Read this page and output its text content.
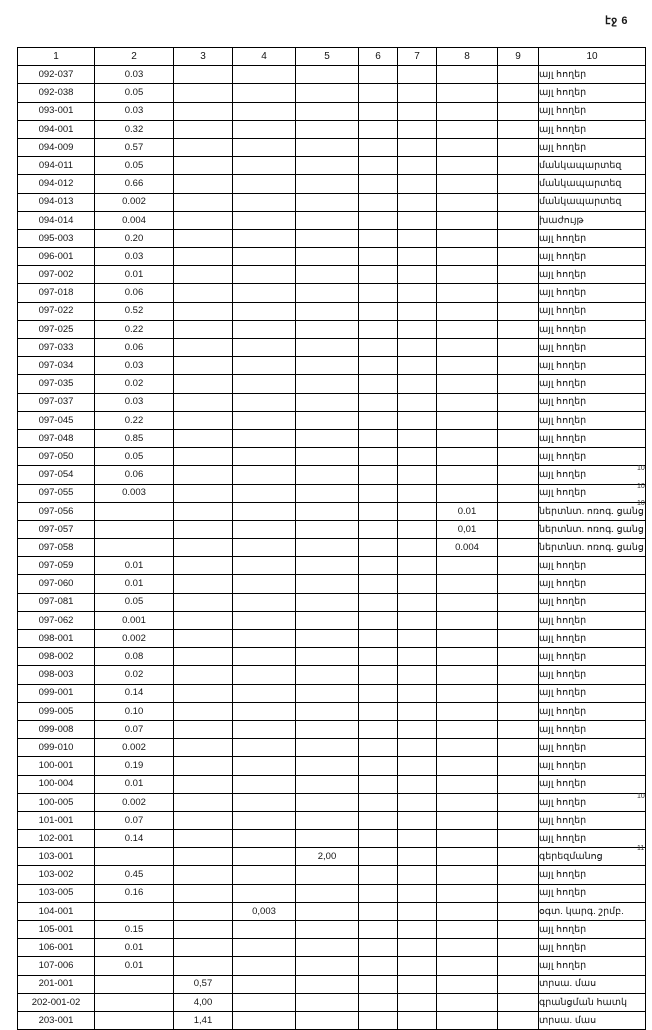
էջ 6
1	2	3	4	5	6	7	8	9	10
092-037	0.03								այլ հողեր
092-038	0.05								այլ հողեր
093-001	0.03								այլ հողեր
094-001	0.32								այլ հողեր
094-009	0.57								այլ հողեր
094-011	0.05								մանկապարտեզ
094-012	0.66								մանկապարտեզ
094-013	0.002								մանկապարտեզ
094-014	0.004								խաժույթ
095-003	0.20								այլ հողեր
096-001	0.03								այլ հողեր
097-002	0.01								այլ հողեր
097-018	0.06								այլ հողեր
097-022	0.52								այլ հողեր
097-025	0.22								այլ հողեր
097-033	0.06								այլ հողեր
097-034	0.03								այլ հողեր
097-035	0.02								այլ հողեր
097-037	0.03								այլ հողեր
097-045	0.22								այլ հողեր
097-048	0.85								այլ հողեր
097-050	0.05								այլ հողեր
097-054	0.06								այլ հողեր
097-055	0.003								այլ հողեր
097-056							0.01		ներտնտ. ոռոգ. ցանց
097-057							0,01		ներտնտ. ոռոգ. ցանց
097-058							0.004		ներտնտ. ոռոգ. ցանց
097-059	0.01								այլ հողեր
097-060	0.01								այլ հողեր
097-081	0.05								այլ հողեր
097-062	0.001								այլ հողեր
098-001	0.002								այլ հողեր
098-002	0.08								այլ հողեր
098-003	0.02								այլ հողեր
099-001	0.14								այլ հողեր
099-005	0.10								այլ հողեր
099-008	0.07								այլ հողեր
099-010	0.002								այլ հողեր
100-001	0.19								այլ հողեր
100-004	0.01								այլ հողեր
100-005	0.002								այլ հողեր
101-001	0.07								այլ հողեր
102-001	0.14								այլ հողեր
103-001				2,00					գերեզմանոց
103-002	0.45								այլ հողեր
103-005	0.16								այլ հողեր
104-001			0,003						օգտ. կարգ. շրմբ.
105-001	0.15								այլ հողեր
106-001	0.01								այլ հողեր
107-006	0.01								այլ հողեր
201-001		0,57							տրսա. մաս
202-001-02		4,00							գրանցման հատկ
203-001		1,41							տրսա. մաս
10
10
10
10
11
